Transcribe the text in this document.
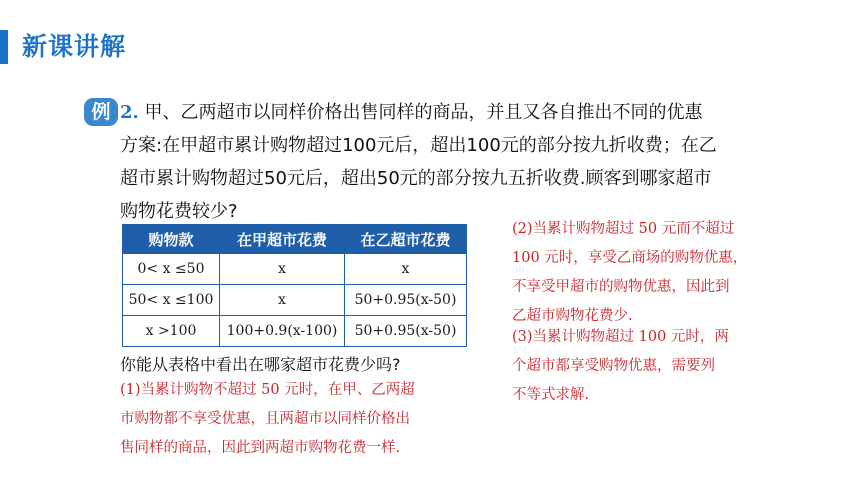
新课讲解
例 2. 甲、乙两超市以同样价格出售同样的商品，并且又各自推出不同的优惠

方案:在甲超市累计购物超过100元后，超出100元的部分按九折收费；在乙

超市累计购物超过50元后，超出50元的部分按九五折收费.顾客到哪家超市

购物花费较少?

购物款	在甲超市花费	在乙超市花费
0< x ≤50	x	x
50< x ≤100	x	50+0.95(x-50)
x >100	100+0.9(x-100)	50+0.95(x-50)
你能从表格中看出在哪家超市花费少吗?

(1)当累计购物不超过 50 元时，在甲、乙两超

市购物都不享受优惠，且两超市以同样价格出

售同样的商品，因此到两超市购物花费一样.

(2)当累计购物超过 50 元而不超过

100 元时，享受乙商场的购物优惠，

不享受甲超市的购物优惠，因此到

乙超市购物花费少.

(3)当累计购物超过 100 元时，两

个超市都享受购物优惠，需要列

不等式求解.
